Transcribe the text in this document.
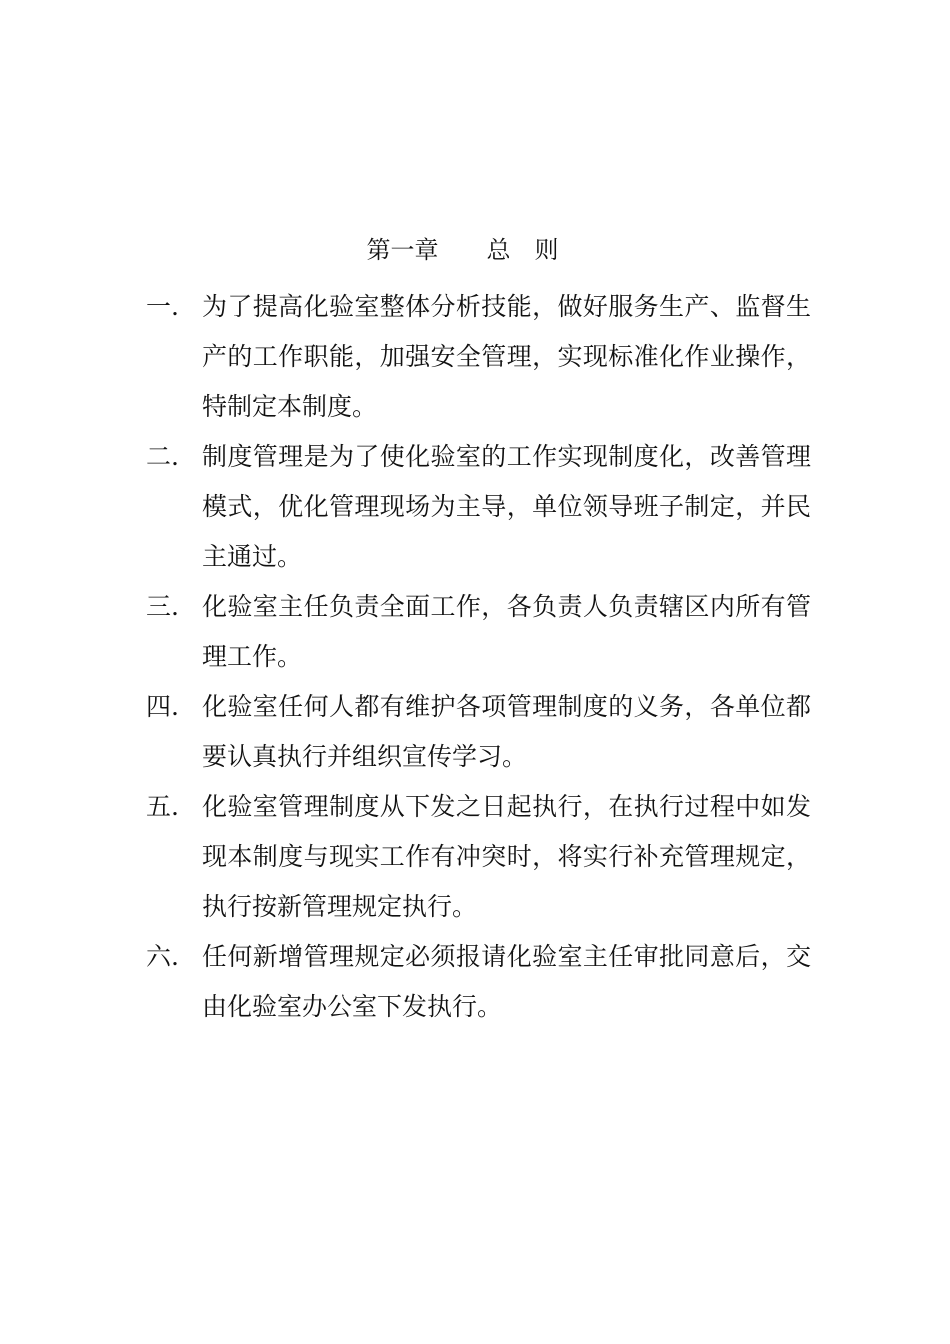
第一章　　总　则
一. 为了提高化验室整体分析技能，做好服务生产、监督生产的工作职能，加强安全管理，实现标准化作业操作，特制定本制度。
二. 制度管理是为了使化验室的工作实现制度化，改善管理模式，优化管理现场为主导，单位领导班子制定，并民主通过。
三. 化验室主任负责全面工作，各负责人负责辖区内所有管理工作。
四. 化验室任何人都有维护各项管理制度的义务，各单位都要认真执行并组织宣传学习。
五. 化验室管理制度从下发之日起执行，在执行过程中如发现本制度与现实工作有冲突时，将实行补充管理规定，执行按新管理规定执行。
六. 任何新增管理规定必须报请化验室主任审批同意后，交由化验室办公室下发执行。
